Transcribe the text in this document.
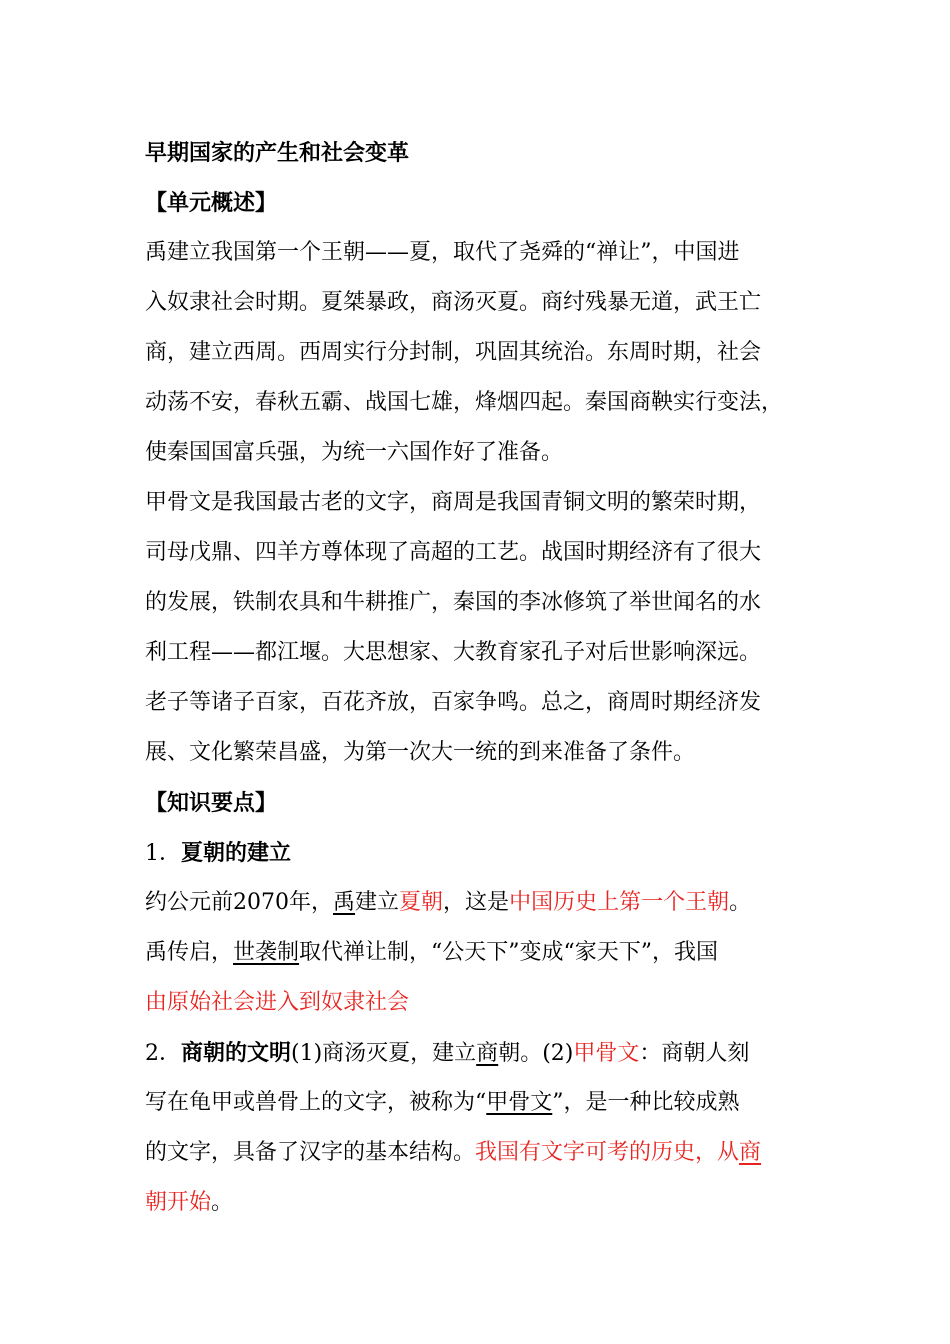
早期国家的产生和社会变革
【单元概述】
禹建立我国第一个王朝——夏，取代了尧舜的“禅让”，中国进
入奴隶社会时期。夏桀暴政，商汤灭夏。商纣残暴无道，武王亡
商，建立西周。西周实行分封制，巩固其统治。东周时期，社会
动荡不安，春秋五霸、战国七雄，烽烟四起。秦国商鞅实行变法，
使秦国国富兵强，为统一六国作好了准备。
甲骨文是我国最古老的文字，商周是我国青铜文明的繁荣时期，
司母戊鼎、四羊方尊体现了高超的工艺。战国时期经济有了很大
的发展，铁制农具和牛耕推广，秦国的李冰修筑了举世闻名的水
利工程——都江堰。大思想家、大教育家孔子对后世影响深远。
老子等诸子百家，百花齐放，百家争鸣。总之，商周时期经济发
展、文化繁荣昌盛，为第一次大一统的到来准备了条件。
【知识要点】
1．夏朝的建立
约公元前2070年，禹建立夏朝，这是中国历史上第一个王朝。
禹传启，世袭制取代禅让制，“公天下”变成“家天下”，我国
由原始社会进入到奴隶社会
2．商朝的文明(1)商汤灭夏，建立商朝。(2)甲骨文：商朝人刻
写在龟甲或兽骨上的文字，被称为“甲骨文”，是一种比较成熟
的文字，具备了汉字的基本结构。我国有文字可考的历史，从商
朝开始。
